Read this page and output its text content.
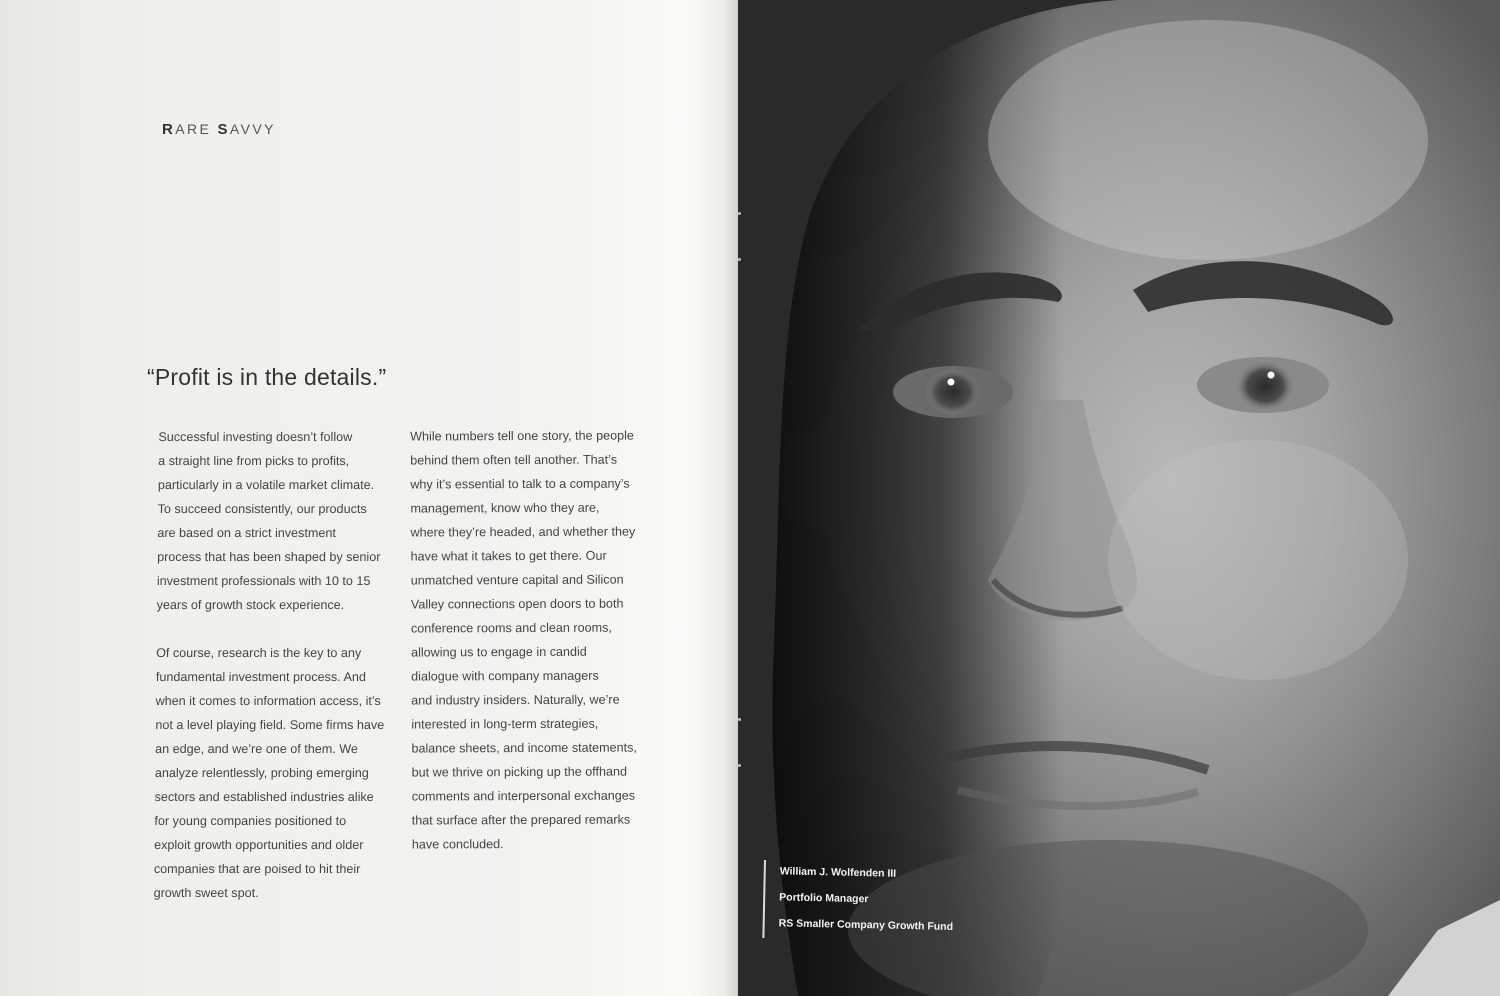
RARE SAVVY
“Profit is in the details.”

Successful investing doesn’t follow
a straight line from picks to profits,
particularly in a volatile market climate.
To succeed consistently, our products
are based on a strict investment
process that has been shaped by senior
investment professionals with 10 to 15
years of growth stock experience.

Of course, research is the key to any
fundamental investment process. And
when it comes to information access, it’s
not a level playing field. Some firms have
an edge, and we’re one of them. We
analyze relentlessly, probing emerging
sectors and established industries alike
for young companies positioned to
exploit growth opportunities and older
companies that are poised to hit their
growth sweet spot.

While numbers tell one story, the people
behind them often tell another. That’s
why it’s essential to talk to a company’s
management, know who they are,
where they’re headed, and whether they
have what it takes to get there. Our
unmatched venture capital and Silicon
Valley connections open doors to both
conference rooms and clean rooms,
allowing us to engage in candid
dialogue with company managers
and industry insiders. Naturally, we’re
interested in long-term strategies,
balance sheets, and income statements,
but we thrive on picking up the offhand
comments and interpersonal exchanges
that surface after the prepared remarks
have concluded.

William J. Wolfenden III
Portfolio Manager
RS Smaller Company Growth Fund
